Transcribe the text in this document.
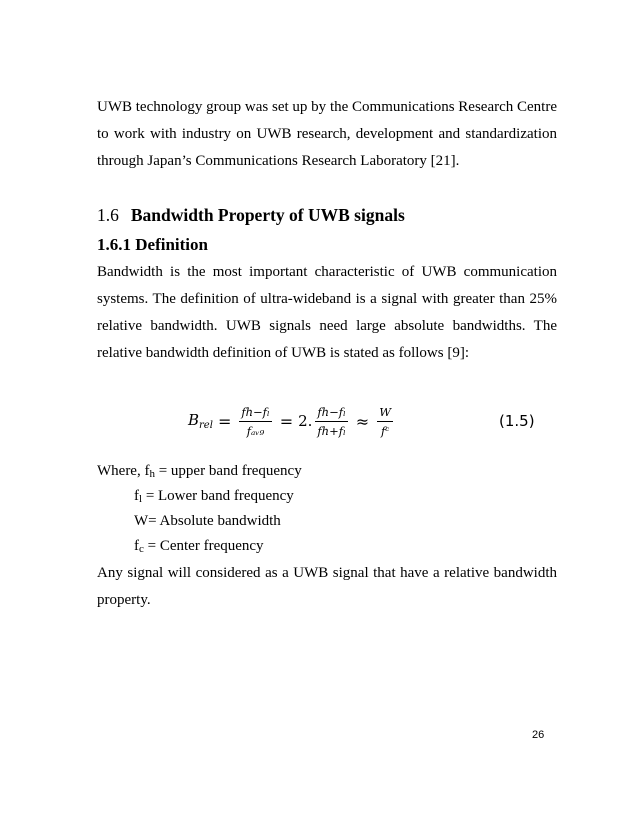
UWB technology group was set up by the Communications Research Centre to work with industry on UWB research, development and standardization through Japan’s Communications Research Laboratory [21].

1.6 Bandwidth Property of UWB signals
1.6.1 Definition

Bandwidth is the most important characteristic of UWB communication systems. The definition of ultra-wideband is a signal with greater than 25% relative bandwidth. UWB signals need large absolute bandwidths. The relative bandwidth definition of UWB is stated as follows [9]:

$B_{rel} = \frac{\text{fℎ−fₗ}}{\text{fₐᵥ₉}} = 2$. $\frac{\text{fℎ−fₗ}}{\text{fℎ+fₗ}} \approx \frac{W}{\text{fᶜ}}$	(1.5)

Where, $f_h$ = upper band frequency

$f_l$ = Lower band frequency

W= Absolute bandwidth

$f_c$ = Center frequency

Any signal will considered as a UWB signal that have a relative bandwidth property.

26
